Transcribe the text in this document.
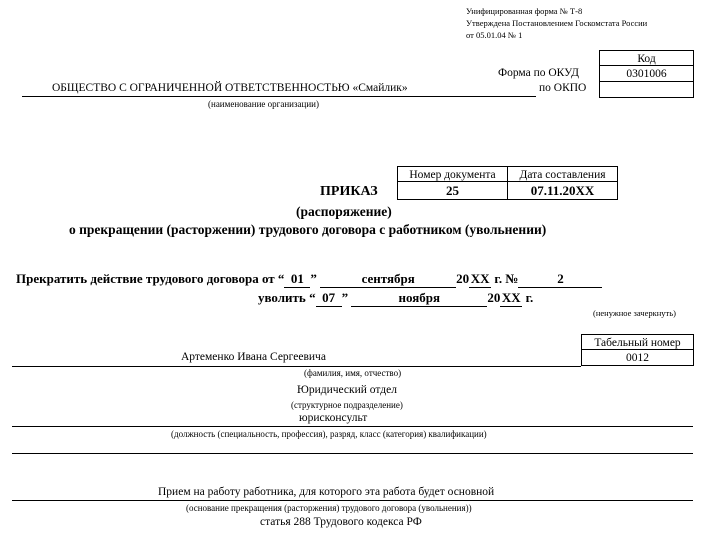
Унифицированная форма № Т-8
Утверждена Постановлением Госкомстата России
от 05.01.04 № 1
Код
0301006
Форма по ОКУД
по ОКПО
ОБЩЕСТВО С ОГРАНИЧЕННОЙ ОТВЕТСТВЕННОСТЬЮ «Смайлик»
(наименование организации)
Номер документа	Дата составления
25	07.11.20ХХ
ПРИКАЗ
(распоряжение)
о прекращении (расторжении) трудового договора с работником (увольнении)
Прекратить действие трудового договора от “ 01 ”	сентября	20 ХХ г. №	2
уволить “ 07 ”	ноября	20 ХХ г.
(ненужное зачеркнуть)
Табельный номер
0012
Артеменко Ивана Сергеевича
(фамилия, имя, отчество)
Юридический отдел
(структурное подразделение)
юрисконсульт
(должность (специальность, профессия), разряд, класс (категория) квалификации)
Прием на работу работника, для которого эта работа будет основной
(основание прекращения (расторжения) трудового договора (увольнения))
статья 288 Трудового кодекса РФ
